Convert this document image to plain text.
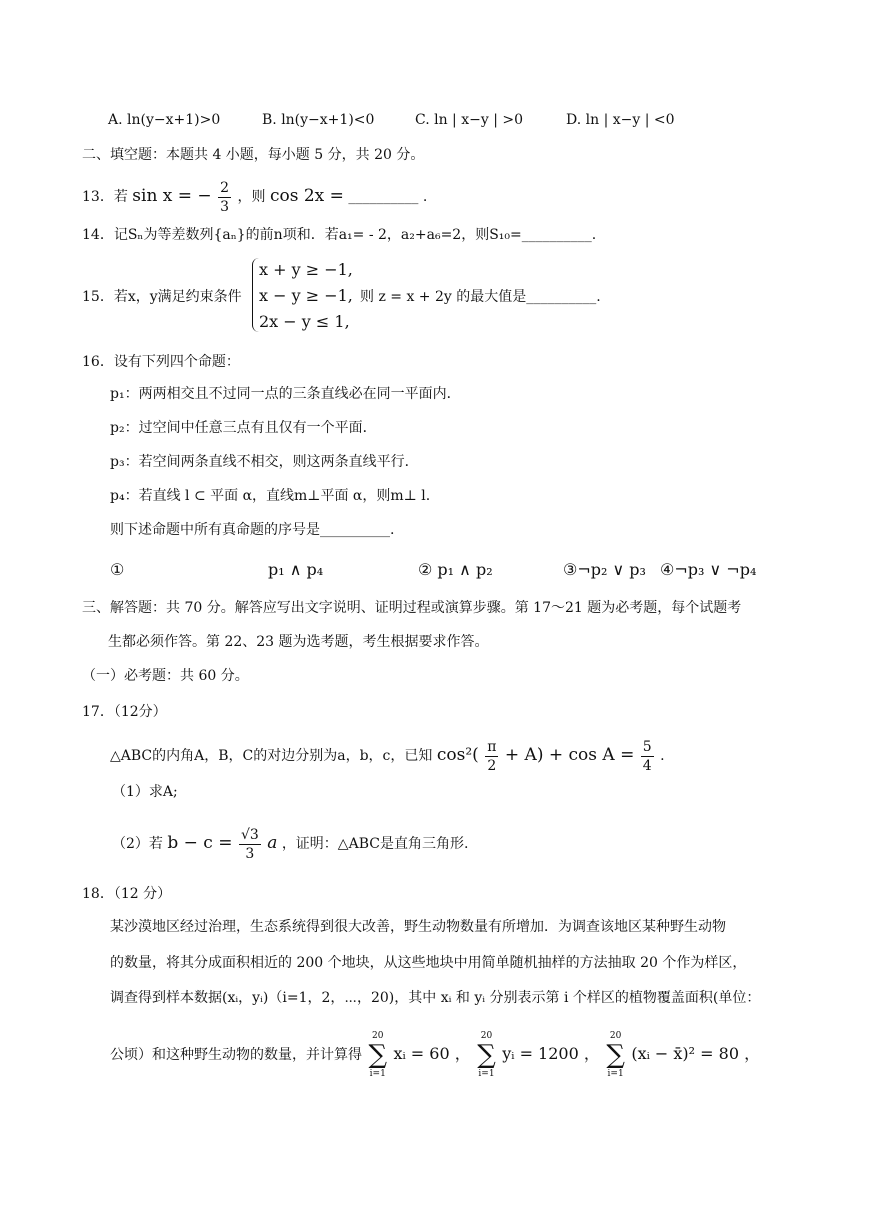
A. ln(y−x+1)>0	B. ln(y−x+1)<0	C. ln | x−y | >0	D. ln | x−y | <0
二、填空题：本题共 4 小题，每小题 5 分，共 20 分。
13．若 sin x = − $\frac{2}{3}$ ，则 cos 2x = __________ .
14．记Sₙ为等差数列{aₙ}的前n项和．若a₁= - 2，a₂+a₆=2，则S₁₀=__________.
15．若x，y满足约束条件
x + y ≥ −1,
x − y ≥ −1,
2x − y ≤ 1,
则 z = x + 2y 的最大值是__________.
16．设有下列四个命题：
p₁：两两相交且不过同一点的三条直线必在同一平面内．
p₂：过空间中任意三点有且仅有一个平面．
p₃：若空间两条直线不相交，则这两条直线平行．
p₄：若直线 l ⊂ 平面 α，直线m⊥平面 α，则m⊥ l.
则下述命题中所有真命题的序号是__________.
①	p₁ ∧ p₄	② p₁ ∧ p₂	③¬p₂ ∨ p₃ ④¬p₃ ∨ ¬p₄
三、解答题：共 70 分。解答应写出文字说明、证明过程或演算步骤。第 17～21 题为必考题，每个试题考
生都必须作答。第 22、23 题为选考题，考生根据要求作答。
（一）必考题：共 60 分。
17．（12分）
△ABC的内角A，B，C的对边分别为a，b，c，已知 $\cos^2( \frac{\pi}{2} + A) + \cos A = \frac{5}{4}$ .
（1）求A;
（2）若 $b - c = \frac{√3}{3}$ a ，证明：△ABC是直角三角形.
18．（12 分）
某沙漠地区经过治理，生态系统得到很大改善，野生动物数量有所增加．为调查该地区某种野生动物
的数量，将其分成面积相近的 200 个地块，从这些地块中用简单随机抽样的方法抽取 20 个作为样区，
调查得到样本数据(xᵢ，yᵢ)（i=1，2，⋯，20)，其中 xᵢ 和 yᵢ 分别表示第 i 个样区的植物覆盖面积(单位：
公顷）和这种野生动物的数量，并计算得
20
∑
i=1
xᵢ = 60 ，
20
∑
i=1
yᵢ = 1200 ，
20
∑
i=1
(xᵢ − x̄)² = 80 ，
